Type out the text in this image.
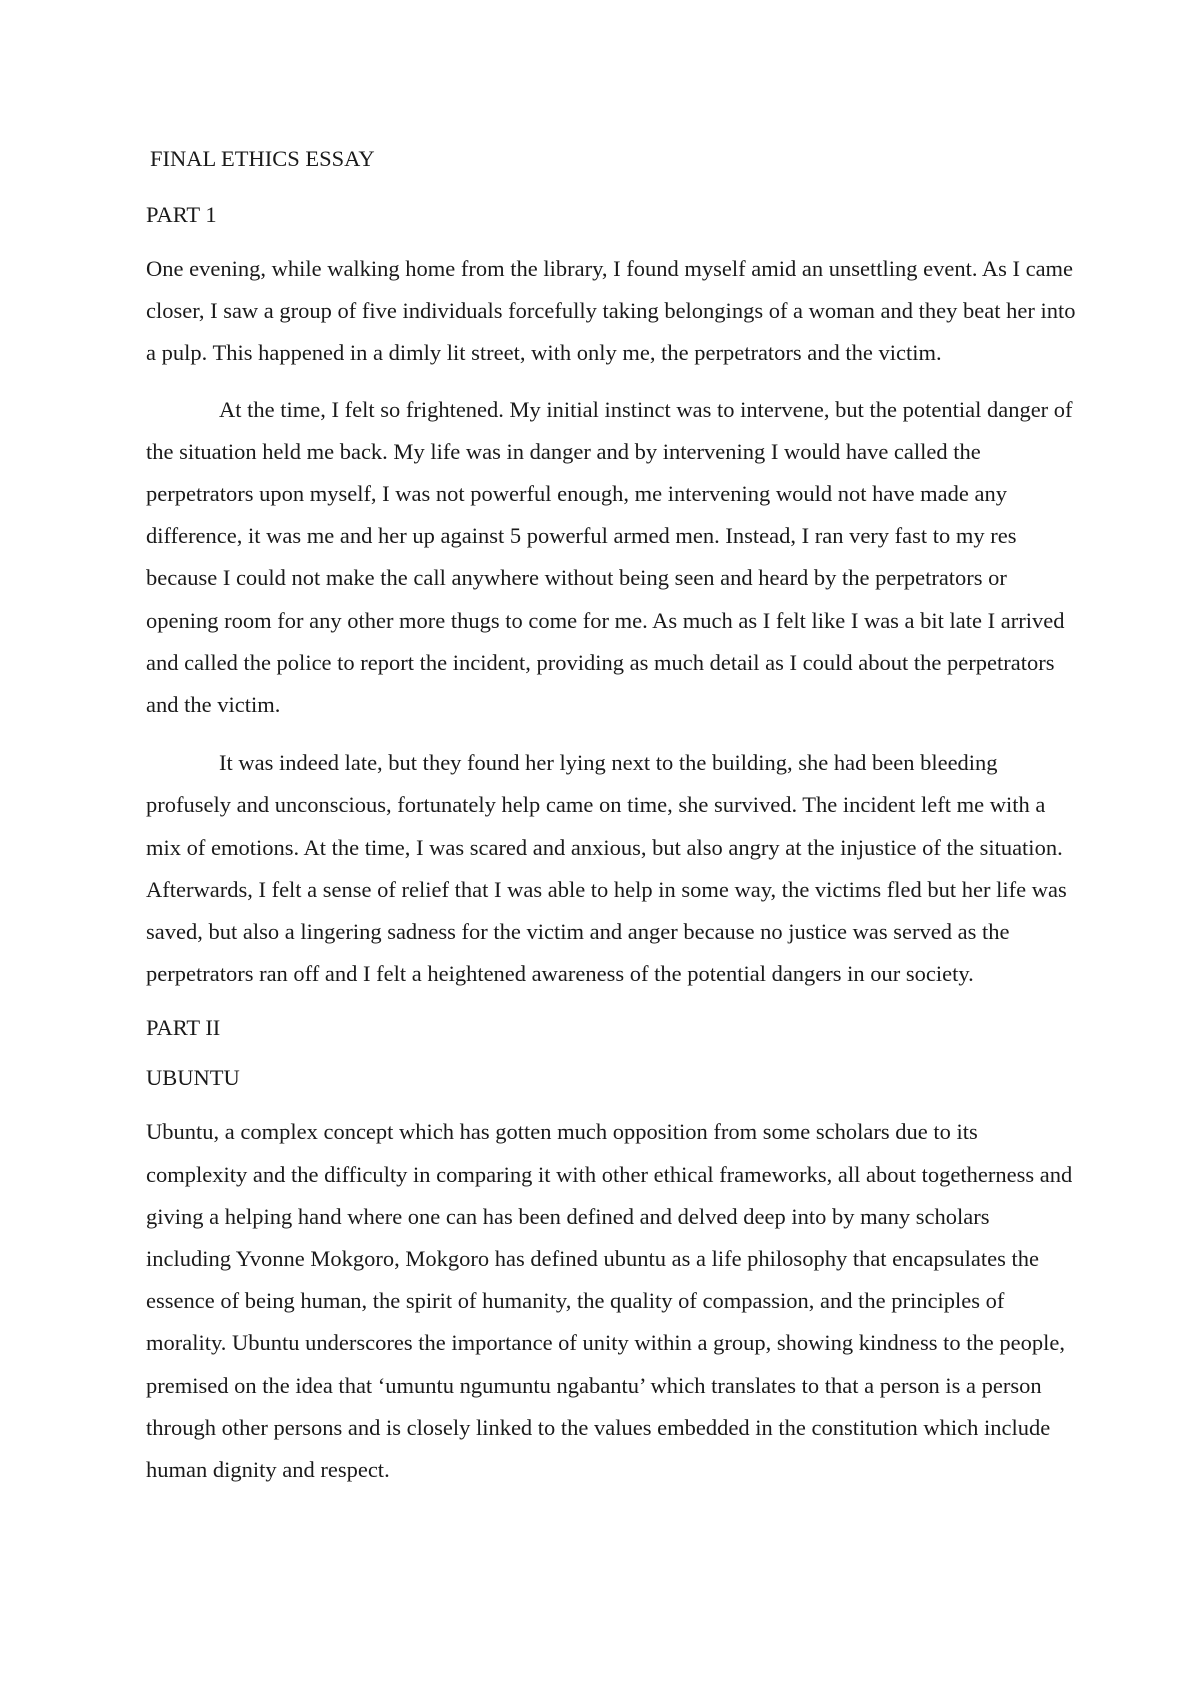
FINAL ETHICS ESSAY

PART 1

One evening, while walking home from the library, I found myself amid an unsettling event. As I came closer, I saw a group of five individuals forcefully taking belongings of a woman and they beat her into a pulp. This happened in a dimly lit street, with only me, the perpetrators and the victim.

At the time, I felt so frightened. My initial instinct was to intervene, but the potential danger of the situation held me back. My life was in danger and by intervening I would have called the perpetrators upon myself, I was not powerful enough, me intervening would not have made any difference, it was me and her up against 5 powerful armed men. Instead, I ran very fast to my res because I could not make the call anywhere without being seen and heard by the perpetrators or opening room for any other more thugs to come for me. As much as I felt like I was a bit late I arrived and called the police to report the incident, providing as much detail as I could about the perpetrators and the victim.

It was indeed late, but they found her lying next to the building, she had been bleeding profusely and unconscious, fortunately help came on time, she survived. The incident left me with a mix of emotions. At the time, I was scared and anxious, but also angry at the injustice of the situation. Afterwards, I felt a sense of relief that I was able to help in some way, the victims fled but her life was saved, but also a lingering sadness for the victim and anger because no justice was served as the perpetrators ran off and I felt a heightened awareness of the potential dangers in our society.

PART II

UBUNTU

Ubuntu, a complex concept which has gotten much opposition from some scholars due to its complexity and the difficulty in comparing it with other ethical frameworks, all about togetherness and giving a helping hand where one can has been defined and delved deep into by many scholars including Yvonne Mokgoro, Mokgoro has defined ubuntu as a life philosophy that encapsulates the essence of being human, the spirit of humanity, the quality of compassion, and the principles of morality. Ubuntu underscores the importance of unity within a group, showing kindness to the people, premised on the idea that ‘umuntu ngumuntu ngabantu’ which translates to that a person is a person through other persons and is closely linked to the values embedded in the constitution which include human dignity and respect.
